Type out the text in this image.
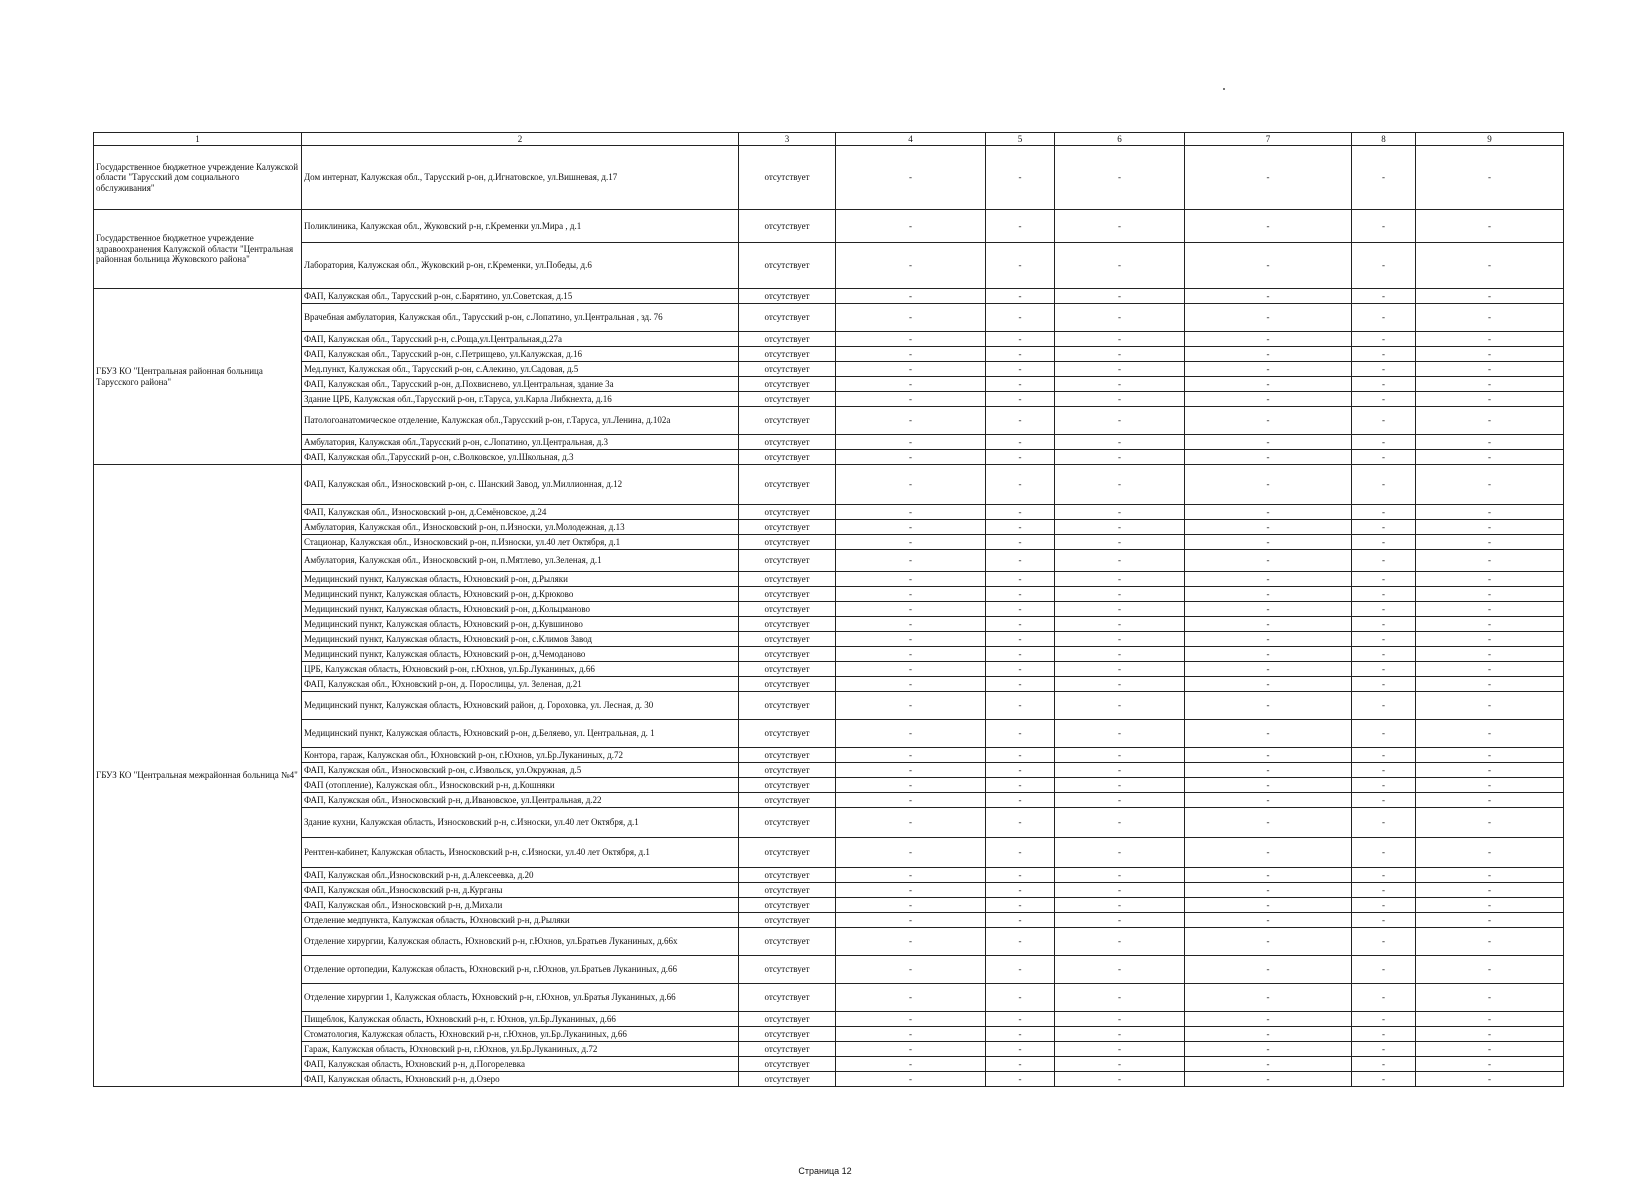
1	2	3	4	5	6	7	8	9
Государственное бюджетное учреждение Калужской области "Тарусский дом социального обслуживания"	Дом интернат, Калужская обл., Тарусский р-он, д.Игнатовское, ул.Вишневая, д.17	отсутствует	-	-	-	-	-	-
Государственное бюджетное учреждение здравоохранения Калужской области "Центральная районная больница Жуковского района"	Поликлиника, Калужская обл., Жуковский р-н, г.Кременки ул.Мира , д.1	отсутствует	-	-	-	-	-	-
	Лаборатория, Калужская обл., Жуковский р-он, г.Кременки, ул.Победы, д.6	отсутствует	-	-	-	-	-	-
ГБУЗ КО "Центральная районная больница Тарусского района"	ФАП, Калужская обл., Тарусский р-он, с.Барятино, ул.Советская, д.15	отсутствует	-	-	-	-	-	-
	Врачебная амбулатория, Калужская обл., Тарусский р-он, с.Лопатино, ул.Центральная , зд. 76	отсутствует	-	-	-	-	-	-
	ФАП, Калужская обл., Тарусский р-н, с.Роща,ул.Центральная,д.27а	отсутствует	-	-	-	-	-	-
	ФАП, Калужская обл., Тарусский р-он, с.Петрищево, ул.Калужская, д.16	отсутствует	-	-	-	-	-	-
	Мед.пункт, Калужская обл., Тарусский р-он, с.Алекино, ул.Садовая, д.5	отсутствует	-	-	-	-	-	-
	ФАП, Калужская обл., Тарусский р-он, д.Похвиснево, ул.Центральная, здание 3а	отсутствует	-	-	-	-	-	-
	Здание ЦРБ, Калужская обл.,Тарусский р-он, г.Таруса, ул.Карла Либкнехта, д.16	отсутствует	-	-	-	-	-	-
	Патологоанатомическое отделение, Калужская обл.,Тарусский р-он, г.Таруса, ул.Ленина, д.102а	отсутствует	-	-	-	-	-	-
	Амбулатория, Калужская обл.,Тарусский р-он, с.Лопатино, ул.Центральная, д.3	отсутствует	-	-	-	-	-	-
	ФАП, Калужская обл.,Тарусский р-он, с.Волковское, ул.Школьная, д.3	отсутствует	-	-	-	-	-	-
ГБУЗ КО "Центральная межрайонная больница №4"	ФАП, Калужская обл., Износковский р-он, с. Шанский Завод, ул.Миллионная, д.12	отсутствует	-	-	-	-	-	-
	ФАП, Калужская обл., Износковский р-он, д.Семёновское, д.24	отсутствует	-	-	-	-	-	-
	Амбулатория, Калужская обл., Износковский р-он, п.Износки, ул.Молодежная, д.13	отсутствует	-	-	-	-	-	-
	Стационар, Калужская обл., Износковский р-он, п.Износки, ул.40 лет Октября, д.1	отсутствует	-	-	-	-	-	-
	Амбулатория, Калужская обл., Износковский р-он, п.Мятлево, ул.Зеленая, д.1	отсутствует	-	-	-	-	-	-
	Медицинский пункт, Калужская область, Юхновский р-он, д.Рыляки	отсутствует	-	-	-	-	-	-
	Медицинский пункт, Калужская область, Юхновский р-он, д.Крюково	отсутствует	-	-	-	-	-	-
	Медицинский пункт, Калужская область, Юхновский р-он, д.Кольцманово	отсутствует	-	-	-	-	-	-
	Медицинский пункт, Калужская область, Юхновский р-он, д.Кувшиново	отсутствует	-	-	-	-	-	-
	Медицинский пункт, Калужская область, Юхновский р-он, с.Климов Завод	отсутствует	-	-	-	-	-	-
	Медицинский пункт, Калужская область, Юхновский р-он, д.Чемоданово	отсутствует	-	-	-	-	-	-
	ЦРБ, Калужская область, Юхновский р-он, г.Юхнов, ул.Бр.Луканиных, д.66	отсутствует	-	-	-	-	-	-
	ФАП, Калужская обл., Юхновский р-он, д. Порослицы, ул. Зеленая, д.21	отсутствует	-	-	-	-	-	-
	Медицинский пункт, Калужская область, Юхновский район, д. Гороховка, ул. Лесная, д. 30	отсутствует	-	-	-	-	-	-
	Медицинский пункт, Калужская область, Юхновский р-он, д.Беляево, ул. Центральная, д. 1	отсутствует	-	-	-	-	-	-
	Контора, гараж, Калужская обл., Юхновский р-он, г.Юхнов, ул.Бр.Луканиных, д.72	отсутствует	-	-	-	-	-	-
	ФАП, Калужская обл., Износковский р-он, с.Извольск, ул.Окружная, д.5	отсутствует	-	-	-	-	-	-
	ФАП (отопление), Калужская обл., Износковский р-н, д.Кошняки	отсутствует	-	-	-	-	-	-
	ФАП, Калужская обл., Износковский р-н, д.Ивановское, ул.Центральная, д.22	отсутствует	-	-	-	-	-	-
	Здание кухни, Калужская область, Износковский р-н, с.Износки, ул.40 лет Октября, д.1	отсутствует	-	-	-	-	-	-
	Рентген-кабинет, Калужская область, Износковский р-н, с.Износки, ул.40 лет Октября, д.1	отсутствует	-	-	-	-	-	-
	ФАП, Калужская обл.,Износковский р-н, д.Алексеевка, д.20	отсутствует	-	-	-	-	-	-
	ФАП, Калужская обл.,Износковский р-н, д.Курганы	отсутствует	-	-	-	-	-	-
	ФАП, Калужская обл., Износковский р-н, д.Михали	отсутствует	-	-	-	-	-	-
	Отделение медпункта, Калужская область, Юхновский р-н, д.Рыляки	отсутствует	-	-	-	-	-	-
	Отделение хирургии, Калужская область, Юхновский р-н, г.Юхнов, ул.Братьев Луканиных, д.66х	отсутствует	-	-	-	-	-	-
	Отделение ортопедии, Калужская область, Юхновский р-н, г.Юхнов, ул.Братьев Луканиных, д.66	отсутствует	-	-	-	-	-	-
	Отделение хирургии 1, Калужская область, Юхновский р-н, г.Юхнов, ул.Братья Луканиных, д.66	отсутствует	-	-	-	-	-	-
	Пищеблок, Калужская область, Юхновский р-н, г. Юхнов, ул.Бр.Луканиных, д.66	отсутствует	-	-	-	-	-	-
	Стоматология, Калужская область, Юхновский р-н, г.Юхнов, ул.Бр.Луканиных, д.66	отсутствует	-	-	-	-	-	-
	Гараж, Калужская область, Юхновский р-н, г.Юхнов, ул.Бр.Луканиных, д.72	отсутствует	-	-	-	-	-	-
	ФАП, Калужская область, Юхновский р-н, д.Погорелевка	отсутствует	-	-	-	-	-	-
	ФАП, Калужская область, Юхновский р-н, д.Озеро	отсутствует	-	-	-	-	-	-
Страница 12
